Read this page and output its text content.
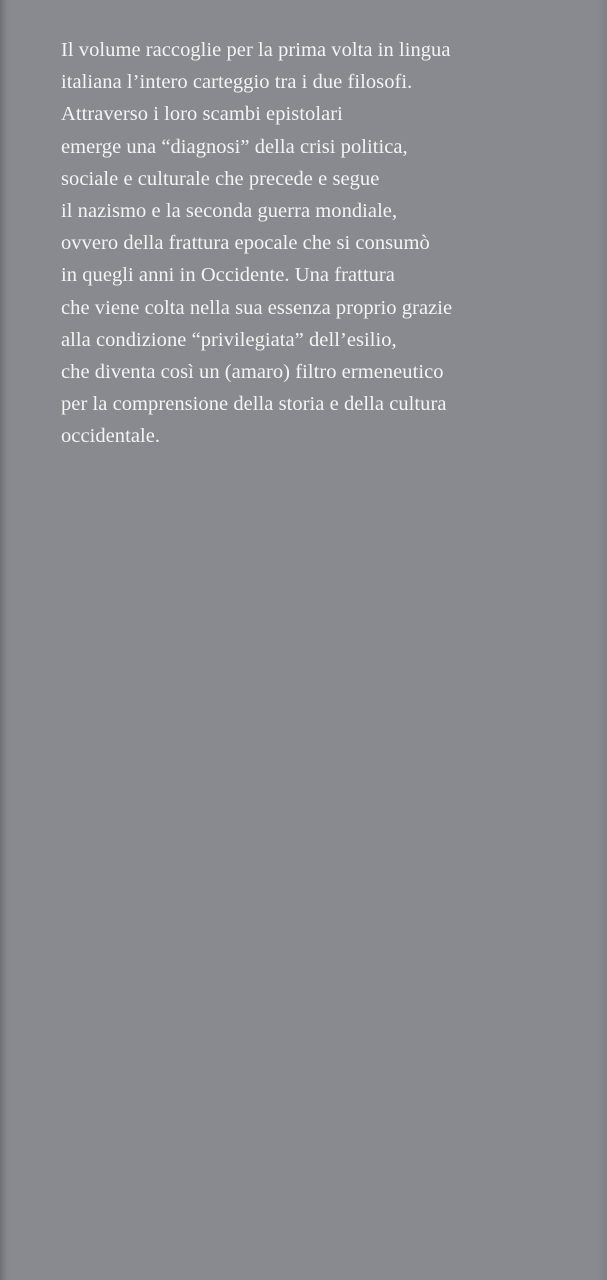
Il volume raccoglie per la prima volta in lingua
italiana l’intero carteggio tra i due filosofi.
Attraverso i loro scambi epistolari
emerge una “diagnosi” della crisi politica,
sociale e culturale che precede e segue
il nazismo e la seconda guerra mondiale,
ovvero della frattura epocale che si consumò
in quegli anni in Occidente. Una frattura
che viene colta nella sua essenza proprio grazie
alla condizione “privilegiata” dell’esilio,
che diventa così un (amaro) filtro ermeneutico
per la comprensione della storia e della cultura
occidentale.
